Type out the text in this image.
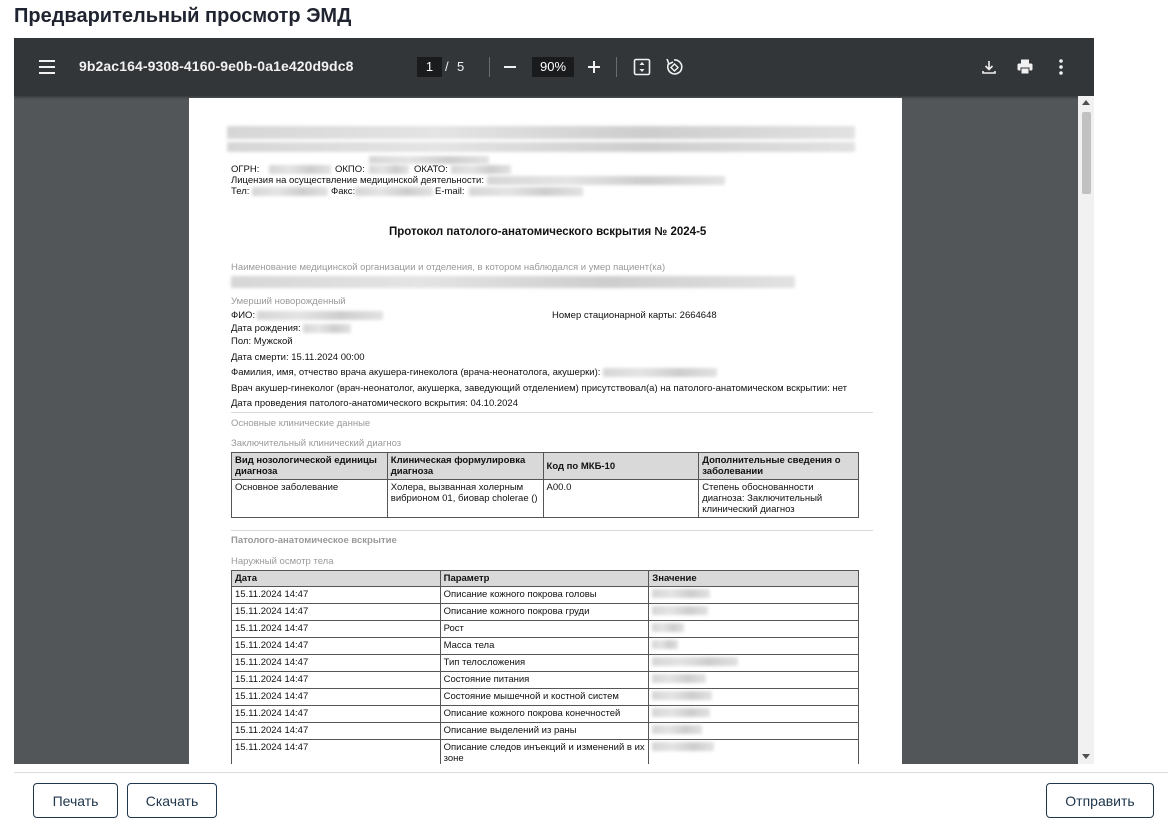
Предварительный просмотр ЭМД
9b2ac164-9308-4160-9e0b-0a1e420d9dc8	1 / 5	90%
ОГРН:	ОКПО:	ОКАТО:
Лицензия на осуществление медицинской деятельности:
Тел:	Факс:	E-mail:
Протокол патолого-анатомического вскрытия № 2024-5
Наименование медицинской организации и отделения, в котором наблюдался и умер пациент(ка)
Умерший новорожденный
ФИО:	Номер стационарной карты: 2664648
Дата рождения:
Пол: Мужской
Дата смерти: 15.11.2024 00:00
Фамилия, имя, отчество врача акушера-гинеколога (врача-неонатолога, акушерки):
Врач акушер-гинеколог (врач-неонатолог, акушерка, заведующий отделением) присутствовал(а) на патолого-анатомическом вскрытии: нет
Дата проведения патолого-анатомического вскрытия: 04.10.2024
Основные клинические данные
Заключительный клинический диагноз
Вид нозологической единицы диагноза	Клиническая формулировка диагноза	Код по МКБ-10	Дополнительные сведения о заболевании
Основное заболевание	Холера, вызванная холерным вибрионом 01, биовар cholerae ()	A00.0	Степень обоснованности диагноза: Заключительный клинический диагноз
Патолого-анатомическое вскрытие
Наружный осмотр тела
Дата	Параметр	Значение
15.11.2024 14:47	Описание кожного покрова головы	
15.11.2024 14:47	Описание кожного покрова груди	
15.11.2024 14:47	Рост	
15.11.2024 14:47	Масса тела	
15.11.2024 14:47	Тип телосложения	
15.11.2024 14:47	Состояние питания	
15.11.2024 14:47	Состояние мышечной и костной систем	
15.11.2024 14:47	Описание кожного покрова конечностей	
15.11.2024 14:47	Описание выделений из раны	
15.11.2024 14:47	Описание следов инъекций и изменений в их зоне	
Печать	Скачать	Отправить
